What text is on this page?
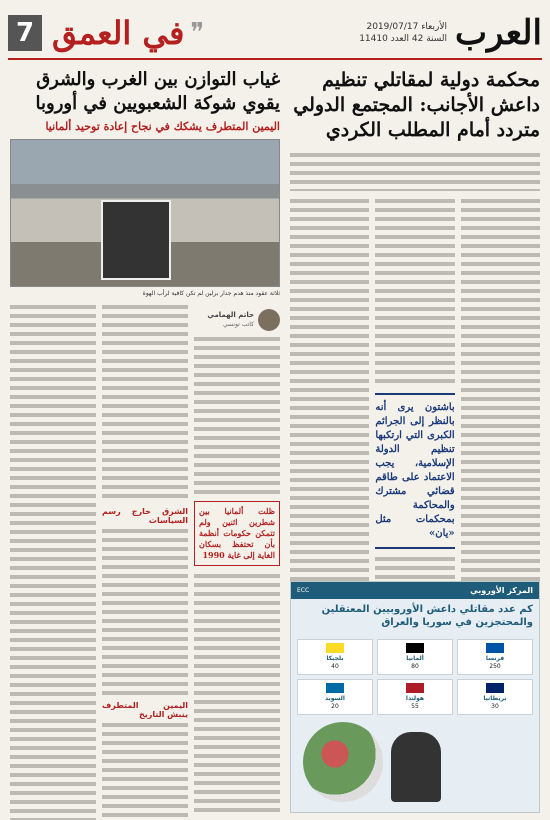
العرب
الأربعاء 2019/07/17
السنة 42 العدد 11410
❞
في العمق
7
محكمة دولية لمقاتلي تنظيم داعش الأجانب: المجتمع الدولي متردد أمام المطلب الكردي
باشتون يرى أنه بالنظر إلى الجرائم الكبرى التي ارتكبها تنظيم الدولة الإسلامية، يجب الاعتماد على طاقم قضائي مشترك والمحاكمة بمحكمات مثل «يان»
المركز الأوروبي
ECC
كم عدد مقاتلي داعش الأوروبيين المعتقلين والمحتجزين في سوريا والعراق
فرنسا
250
ألمانيا
80
بلجيكا
40
بريطانيا
30
هولندا
55
السويد
20
غياب التوازن بين الغرب والشرق يقوي شوكة الشعبويين في أوروبا
اليمين المتطرف يشكك في نجاح إعادة توحيد ألمانيا
ثلاثة عقود منذ هدم جدار برلين لم تكن كافية لرأب الهوة
حاتم الهمامي
كاتب تونسي
ظلت ألمانيا بين شطرين اثنين ولم تتمكن حكومات أنظمة بأن تحتفظ بسكان الغاية إلى غاية 1990
الشرق خارج رسم السياسات
اليمين المتطرف ينبش التاريخ
